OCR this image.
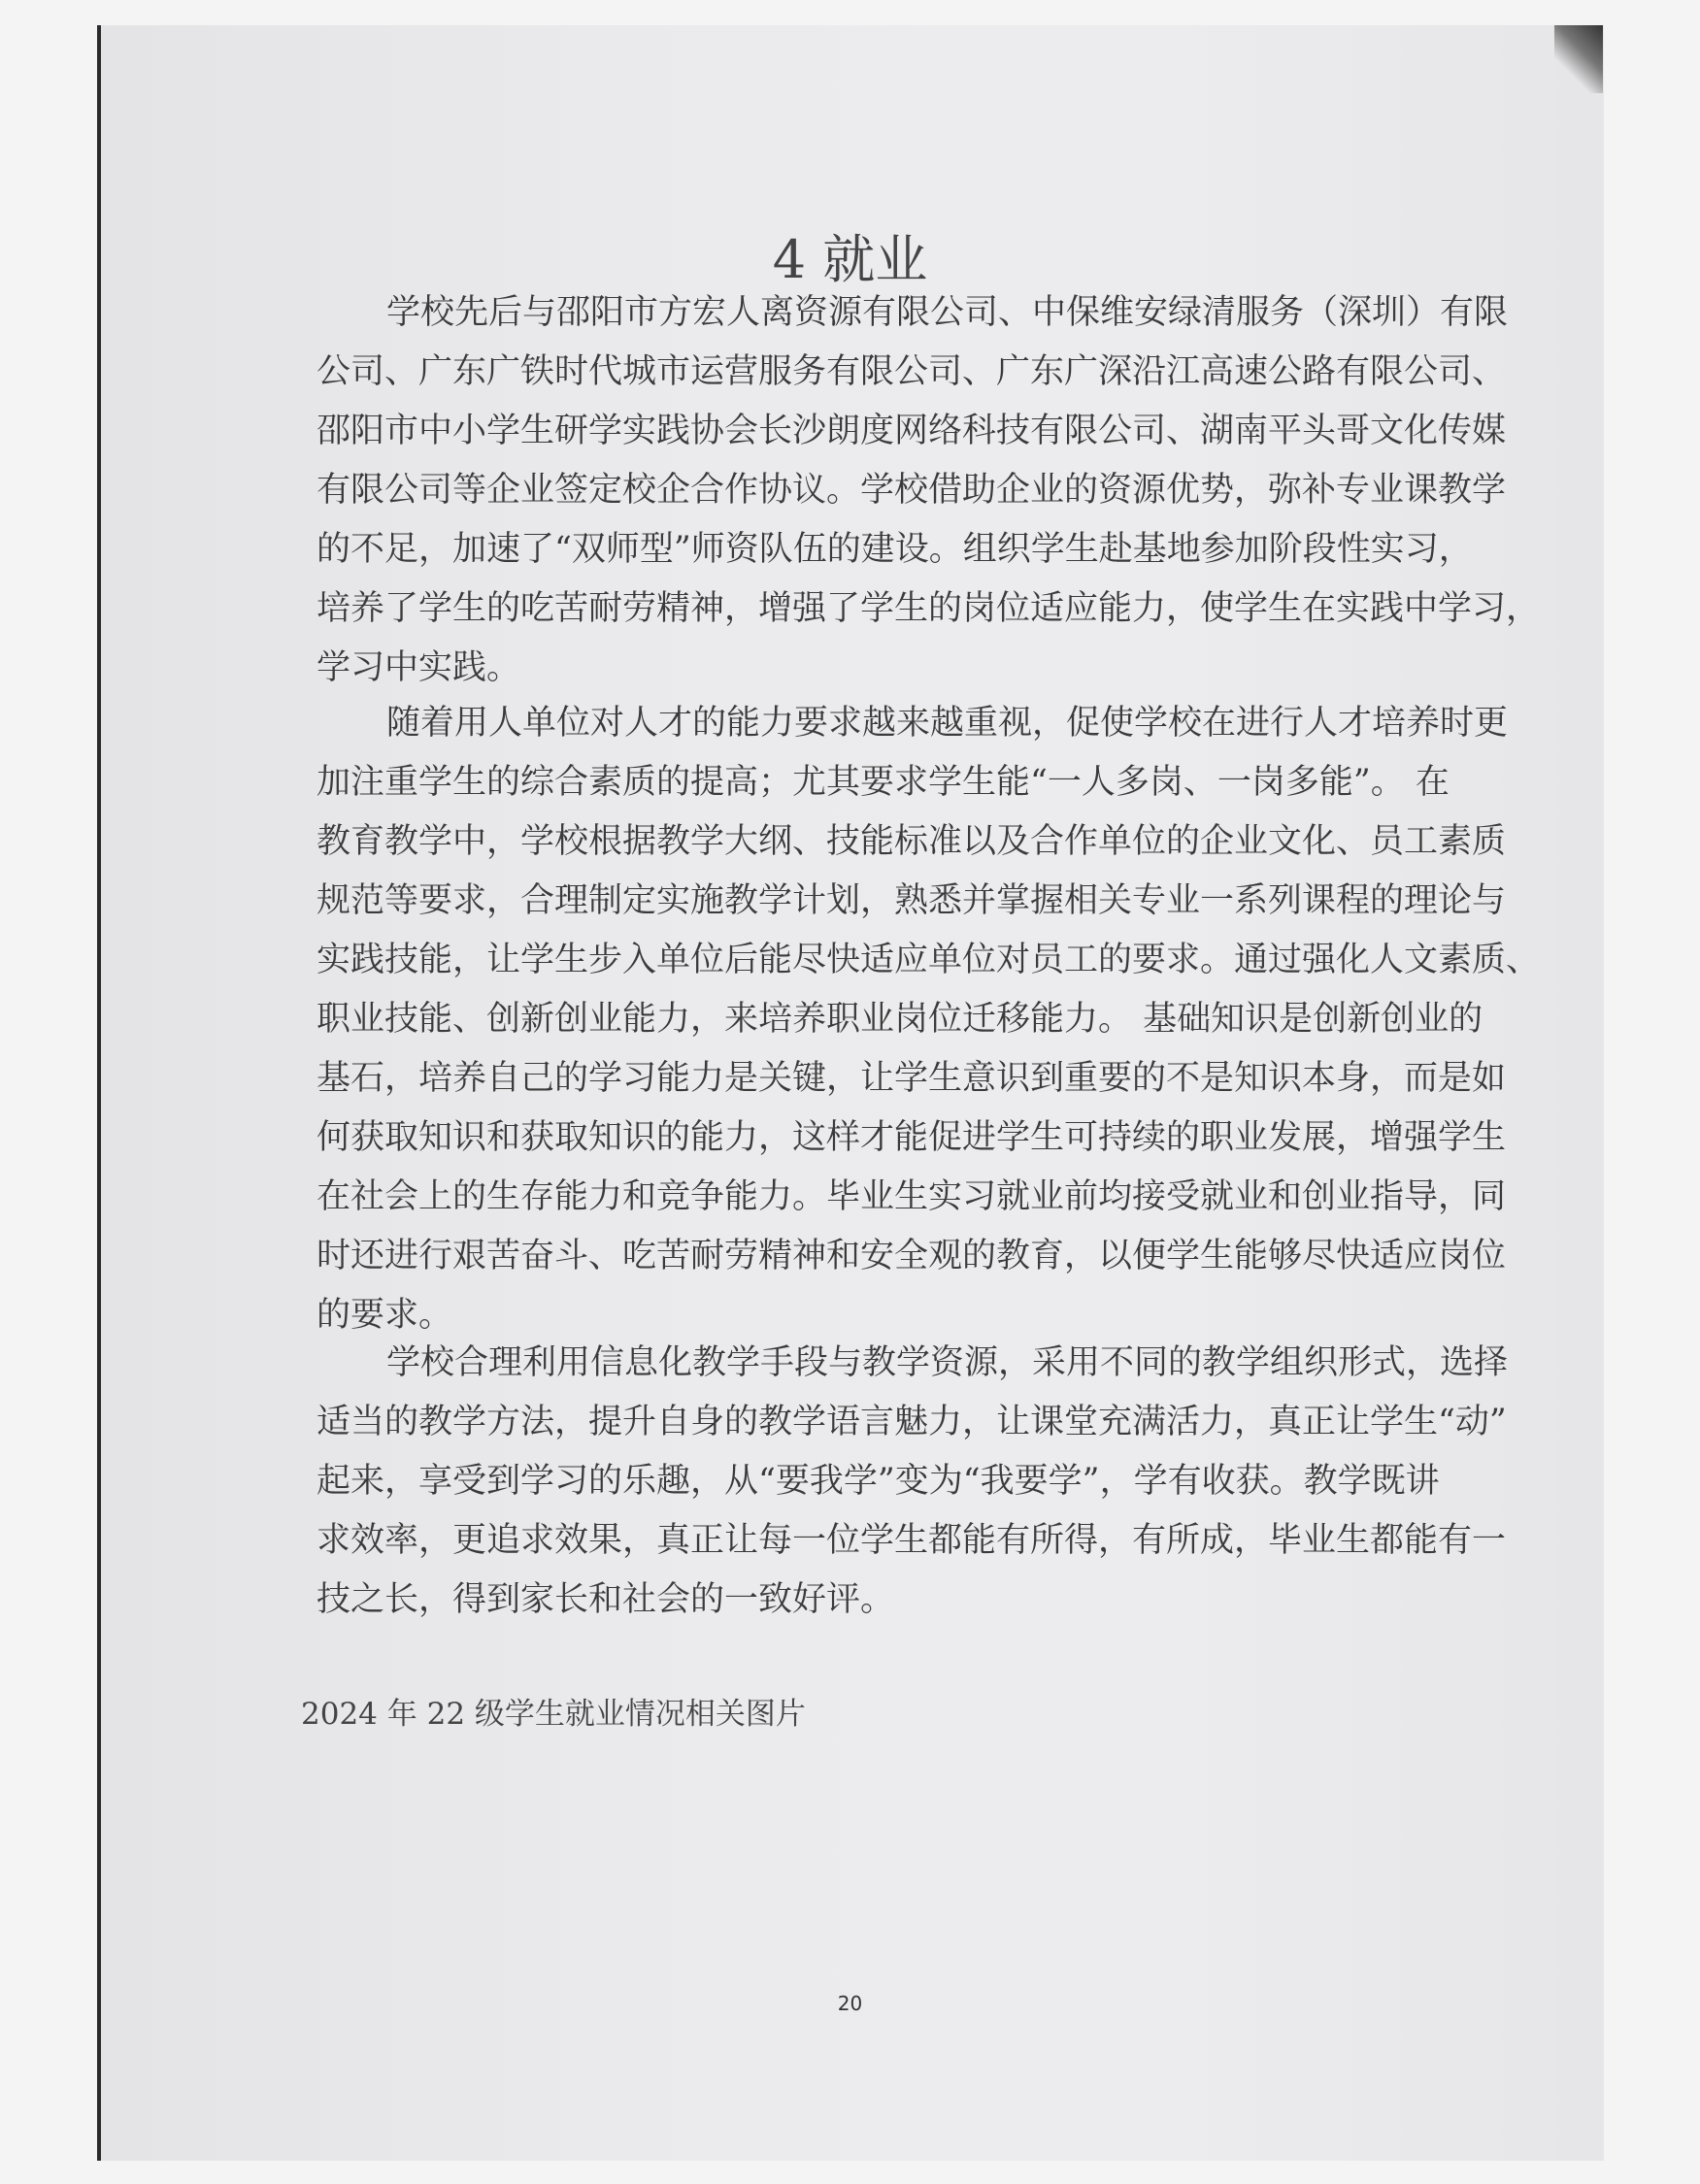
4 就业
学校先后与邵阳市方宏人离资源有限公司、中保维安绿清服务（深圳）有限
公司、广东广铁时代城市运营服务有限公司、广东广深沿江高速公路有限公司、
邵阳市中小学生研学实践协会长沙朗度网络科技有限公司、湖南平头哥文化传媒
有限公司等企业签定校企合作协议。学校借助企业的资源优势，弥补专业课教学
的不足，加速了“双师型”师资队伍的建设。组织学生赴基地参加阶段性实习，
培养了学生的吃苦耐劳精神，增强了学生的岗位适应能力，使学生在实践中学习，
学习中实践。
随着用人单位对人才的能力要求越来越重视，促使学校在进行人才培养时更
加注重学生的综合素质的提高；尤其要求学生能“一人多岗、一岗多能”。 在
教育教学中，学校根据教学大纲、技能标准以及合作单位的企业文化、员工素质
规范等要求，合理制定实施教学计划，熟悉并掌握相关专业一系列课程的理论与
实践技能，让学生步入单位后能尽快适应单位对员工的要求。通过强化人文素质、
职业技能、创新创业能力，来培养职业岗位迁移能力。 基础知识是创新创业的
基石，培养自己的学习能力是关键，让学生意识到重要的不是知识本身，而是如
何获取知识和获取知识的能力，这样才能促进学生可持续的职业发展，增强学生
在社会上的生存能力和竞争能力。毕业生实习就业前均接受就业和创业指导，同
时还进行艰苦奋斗、吃苦耐劳精神和安全观的教育，以便学生能够尽快适应岗位
的要求。
学校合理利用信息化教学手段与教学资源，采用不同的教学组织形式，选择
适当的教学方法，提升自身的教学语言魅力，让课堂充满活力，真正让学生“动”
起来，享受到学习的乐趣，从“要我学”变为“我要学”，学有收获。教学既讲
求效率，更追求效果，真正让每一位学生都能有所得，有所成，毕业生都能有一
技之长，得到家长和社会的一致好评。
2024 年 22 级学生就业情况相关图片
20
